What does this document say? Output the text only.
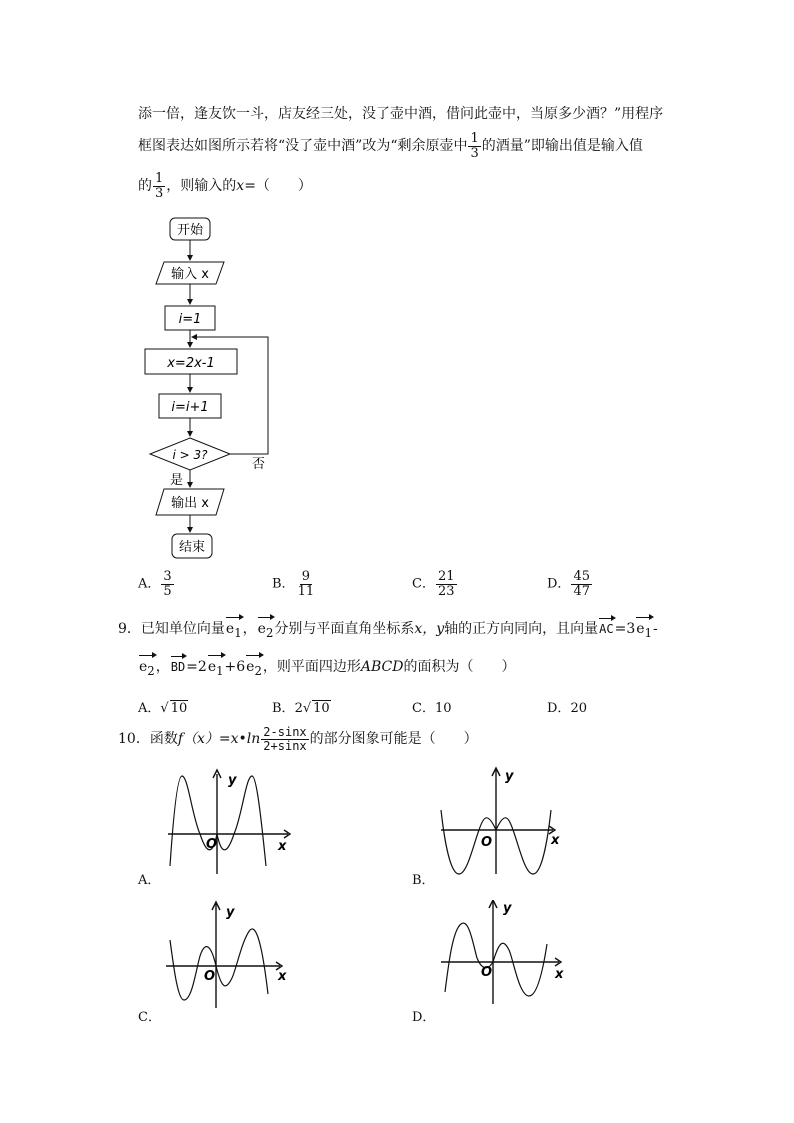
添一倍，逢友饮一斗，店友经三处，没了壶中酒，借问此壶中，当原多少酒？”用程序
框图表达如图所示若将“没了壶中酒”改为“剩余原壶中 $\frac{1}{3}$ 的酒量”即输出值是输入值
的 $\frac{1}{3}$ ，则输入的x=（　　）
开始
输入 x
i=1
x=2x-1
i=i+1
i > 3?
否
是
输出 x
结束
A． $\frac{3}{5}$	B． $\frac{9}{11}$	C． $\frac{21}{23}$	D． $\frac{45}{47}$
9．已知单位向量$e_1$，$e_2$分别与平面直角坐标系x，y轴的正方向同向，且向量$AC=3e_1-$
$e_2$，$BD=2e_1+6e_2$，则平面四边形ABCD的面积为（　　）
A．√ 10	B．2√ 10	C．10	D．20
10．函数f（x）=x•ln $\frac{2-\sin x}{2+\sin x}$ 的部分图象可能是（　　）
y
x
O
A．
y
x
O
B．
y
x
O
C．
y
x
O
D．
